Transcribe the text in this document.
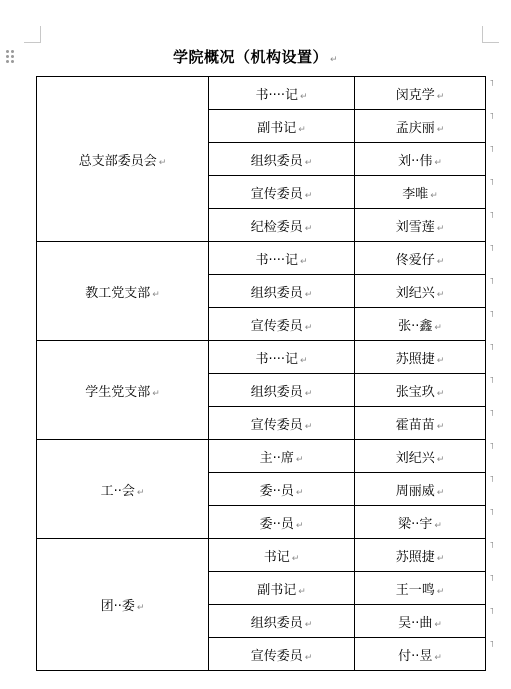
学院概况（机构设置） ↵
总支部委员会 ↵	书····记 ↵	闵克学 ↵
˥

	副书记 ↵	孟庆丽 ↵
˥

	组织委员 ↵	刘··伟 ↵
˥

	宣传委员 ↵	李唯 ↵
˥

	纪检委员 ↵	刘雪莲 ↵
˥

教工党支部 ↵	书····记 ↵	佟爱仔 ↵
˥

	组织委员 ↵	刘纪兴 ↵
˥

	宣传委员 ↵	张··鑫 ↵
˥

学生党支部 ↵	书····记 ↵	苏照捷 ↵
˥

	组织委员 ↵	张宝玖 ↵
˥

	宣传委员 ↵	霍苗苗 ↵
˥

工··会 ↵	主··席 ↵	刘纪兴 ↵
˥

	委··员 ↵	周丽威 ↵
˥

	委··员 ↵	梁··宇 ↵
˥

团··委 ↵	书记 ↵	苏照捷 ↵
˥

	副书记 ↵	王一鸣 ↵
˥

	组织委员 ↵	吴··曲 ↵
˥

	宣传委员 ↵	付··昱 ↵
˥
